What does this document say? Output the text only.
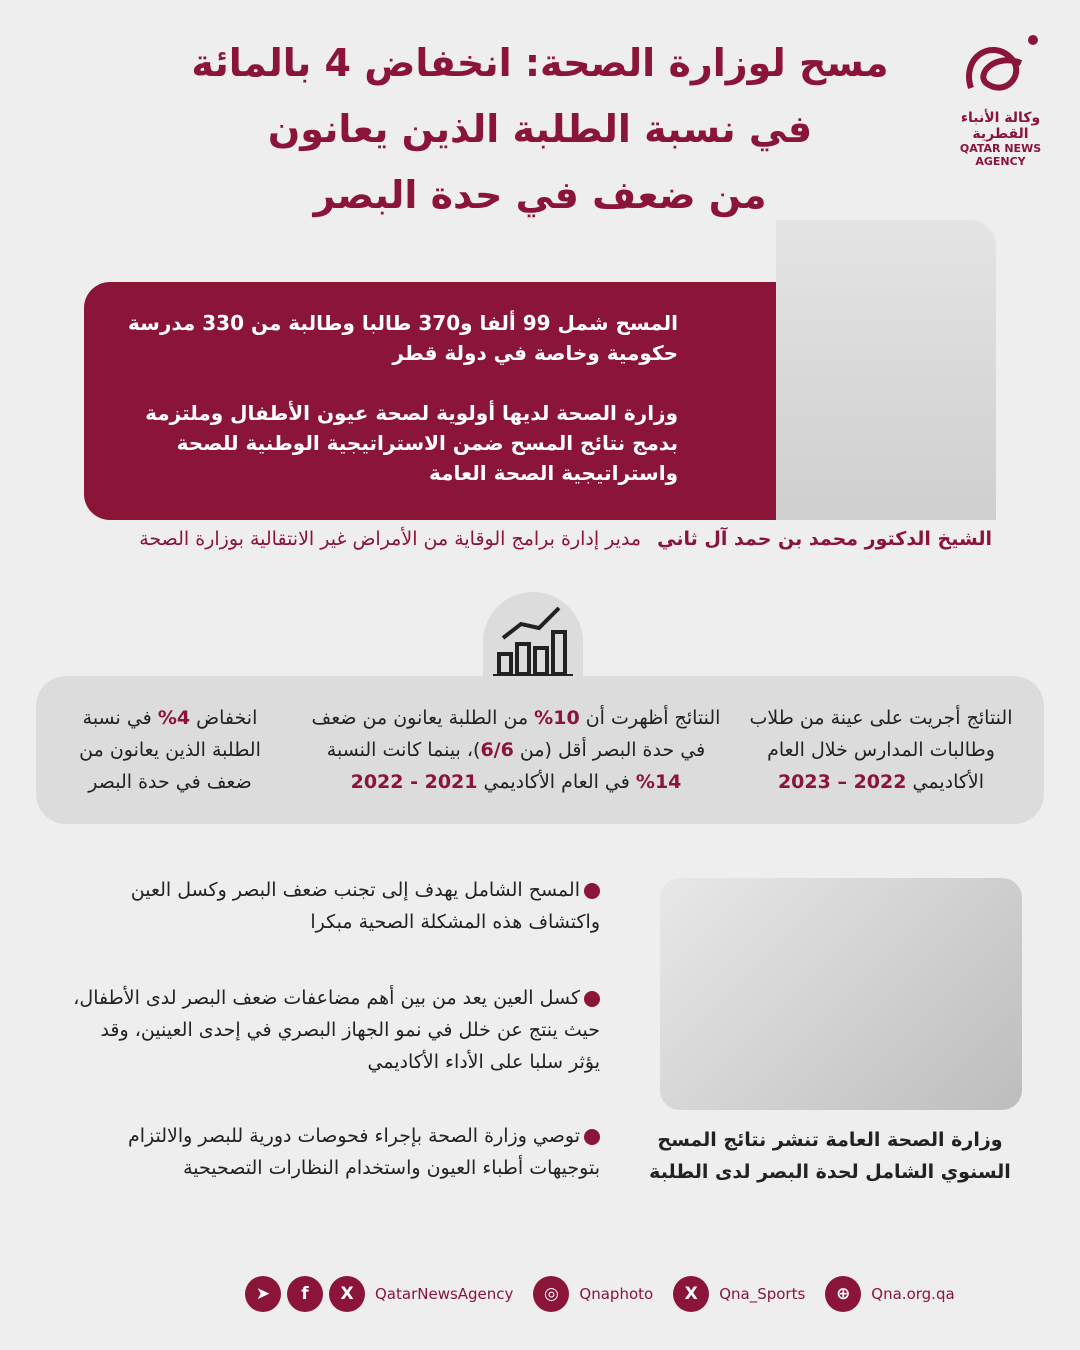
مسح لوزارة الصحة: انخفاض 4 بالمائة
في نسبة الطلبة الذين يعانون
من ضعف في حدة البصر
وكالة الأنباء القطرية
QATAR NEWS AGENCY

المسح شمل 99 ألفا و370 طالبا وطالبة من 330 مدرسة حكومية وخاصة في دولة قطر

وزارة الصحة لديها أولوية لصحة عيون الأطفال وملتزمة بدمج نتائج المسح ضمن الاستراتيجية الوطنية للصحة واستراتيجية الصحة العامة

الشيخ الدكتور محمد بن حمد آل ثاني مدير إدارة برامج الوقاية من الأمراض غير الانتقالية بوزارة الصحة
النتائج أجريت على عينة من طلاب وطالبات المدارس خلال العام الأكاديمي 2022 – 2023
النتائج أظهرت أن 10% من الطلبة يعانون من ضعف في حدة البصر أقل (من 6/6)، بينما كانت النسبة 14% في العام الأكاديمي 2021 - 2022
انخفاض 4% في نسبة الطلبة الذين يعانون من ضعف في حدة البصر
وزارة الصحة العامة تنشر نتائج المسح السنوي الشامل لحدة البصر لدى الطلبة
المسح الشامل يهدف إلى تجنب ضعف البصر وكسل العين واكتشاف هذه المشكلة الصحية مبكرا
كسل العين يعد من بين أهم مضاعفات ضعف البصر لدى الأطفال، حيث ينتج عن خلل في نمو الجهاز البصري في إحدى العينين، وقد يؤثر سلبا على الأداء الأكاديمي
توصي وزارة الصحة بإجراء فحوصات دورية للبصر والالتزام بتوجيهات أطباء العيون واستخدام النظارات التصحيحية
➤	f	X	QatarNewsAgency	◎	Qnaphoto	X	Qna_Sports	⊕	Qna.org.qa
